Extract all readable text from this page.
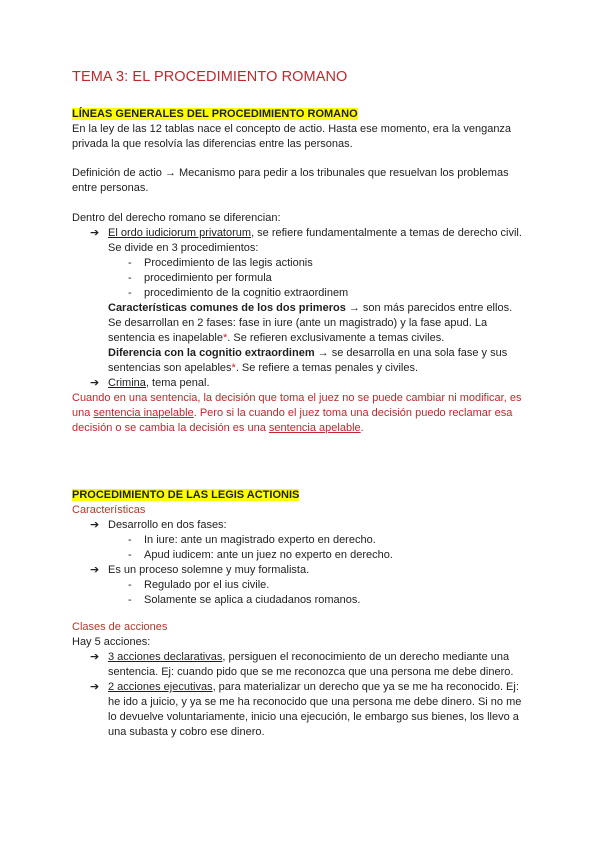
TEMA 3: EL PROCEDIMIENTO ROMANO
LÍNEAS GENERALES DEL PROCEDIMIENTO ROMANO
En la ley de las 12 tablas nace el concepto de actio. Hasta ese momento, era la venganza
privada la que resolvía las diferencias entre las personas.
Definición de actio → Mecanismo para pedir a los tribunales que resuelvan los problemas
entre personas.
Dentro del derecho romano se diferencian:
➔ El ordo iudiciorum privatorum, se refiere fundamentalmente a temas de derecho civil.
Se divide en 3 procedimientos:
- Procedimiento de las legis actionis
- procedimiento per formula
- procedimiento de la cognitio extraordinem
Características comunes de los dos primeros → son más parecidos entre ellos.
Se desarrollan en 2 fases: fase in iure (ante un magistrado) y la fase apud. La
sentencia es inapelable*. Se refieren exclusivamente a temas civiles.
Diferencia con la cognitio extraordinem → se desarrolla en una sola fase y sus
sentencias son apelables*. Se refiere a temas penales y civiles.
➔ Crimina, tema penal.
Cuando en una sentencia, la decisión que toma el juez no se puede cambiar ni modificar, es
una sentencia inapelable. Pero si la cuando el juez toma una decisión puedo reclamar esa
decisión o se cambia la decisión es una sentencia apelable.
PROCEDIMIENTO DE LAS LEGIS ACTIONIS
Características
➔ Desarrollo en dos fases:
- In iure: ante un magistrado experto en derecho.
- Apud iudicem: ante un juez no experto en derecho.
➔ Es un proceso solemne y muy formalista.
- Regulado por el ius civile.
- Solamente se aplica a ciudadanos romanos.
Clases de acciones
Hay 5 acciones:
➔ 3 acciones declarativas, persiguen el reconocimiento de un derecho mediante una
sentencia. Ej: cuando pido que se me reconozca que una persona me debe dinero.
➔ 2 acciones ejecutivas, para materializar un derecho que ya se me ha reconocido. Ej:
he ido a juicio, y ya se me ha reconocido que una persona me debe dinero. Si no me
lo devuelve voluntariamente, inicio una ejecución, le embargo sus bienes, los llevo a
una subasta y cobro ese dinero.
